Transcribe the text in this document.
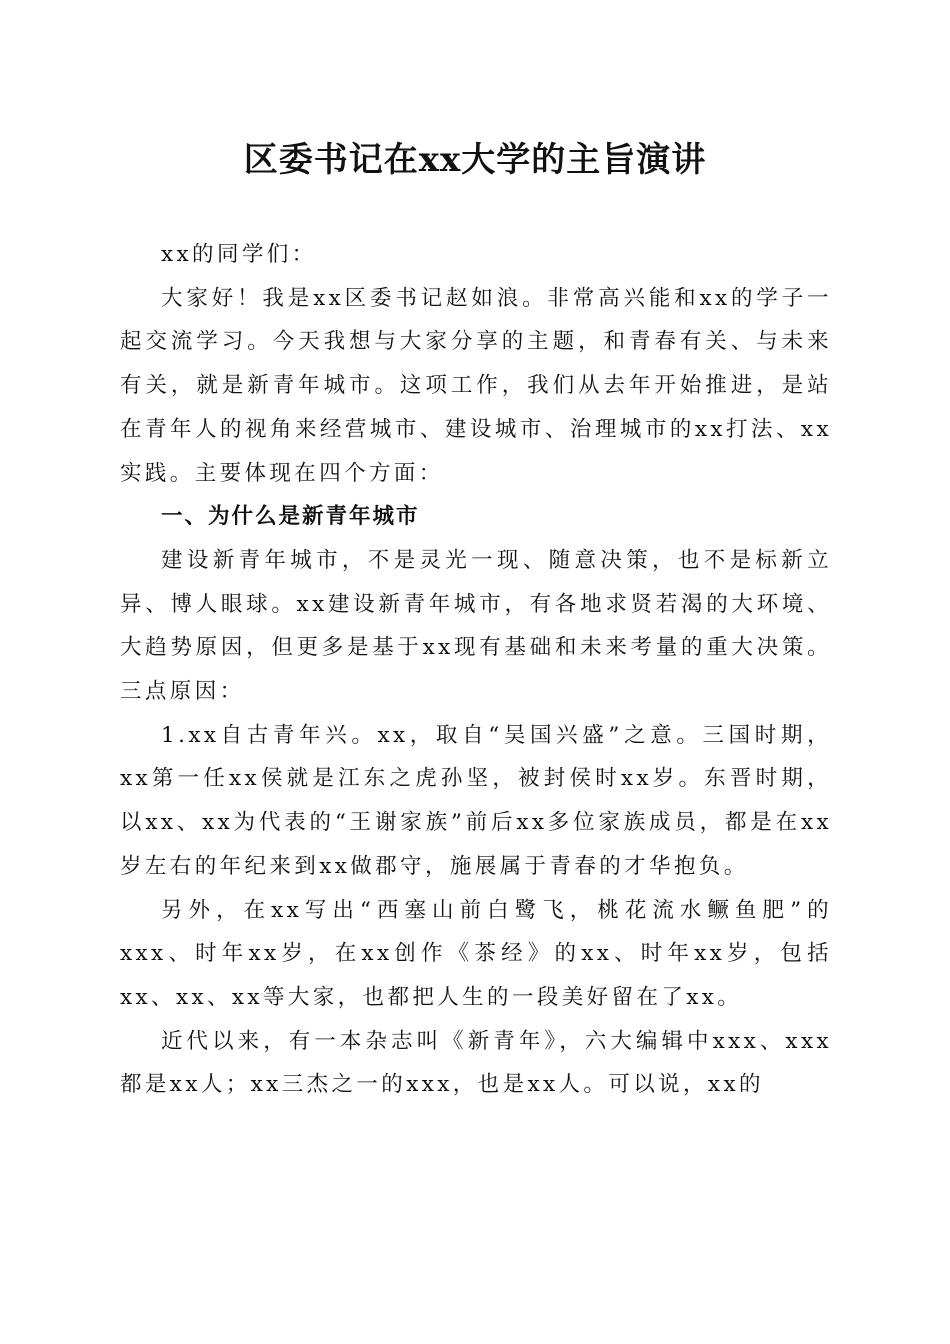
区委书记在xx大学的主旨演讲

xx的同学们：

大家好！我是xx区委书记赵如浪。非常高兴能和xx的学子一起交流学习。今天我想与大家分享的主题，和青春有关、与未来有关，就是新青年城市。这项工作，我们从去年开始推进，是站在青年人的视角来经营城市、建设城市、治理城市的xx打法、xx实践。主要体现在四个方面：

一、为什么是新青年城市

建设新青年城市，不是灵光一现、随意决策，也不是标新立异、博人眼球。xx建设新青年城市，有各地求贤若渴的大环境、大趋势原因，但更多是基于xx现有基础和未来考量的重大决策。三点原因：

1.xx自古青年兴。xx，取自“吴国兴盛”之意。三国时期，xx第一任xx侯就是江东之虎孙坚，被封侯时xx岁。东晋时期，以xx、xx为代表的“王谢家族”前后xx多位家族成员，都是在xx岁左右的年纪来到xx做郡守，施展属于青春的才华抱负。

另外，在xx写出“西塞山前白鹭飞，桃花流水鳜鱼肥”的xxx、时年xx岁，在xx创作《茶经》的xx、时年xx岁，包括xx、xx、xx等大家，也都把人生的一段美好留在了xx。

近代以来，有一本杂志叫《新青年》，六大编辑中xxx、xxx都是xx人；xx三杰之一的xxx，也是xx人。可以说，xx的
